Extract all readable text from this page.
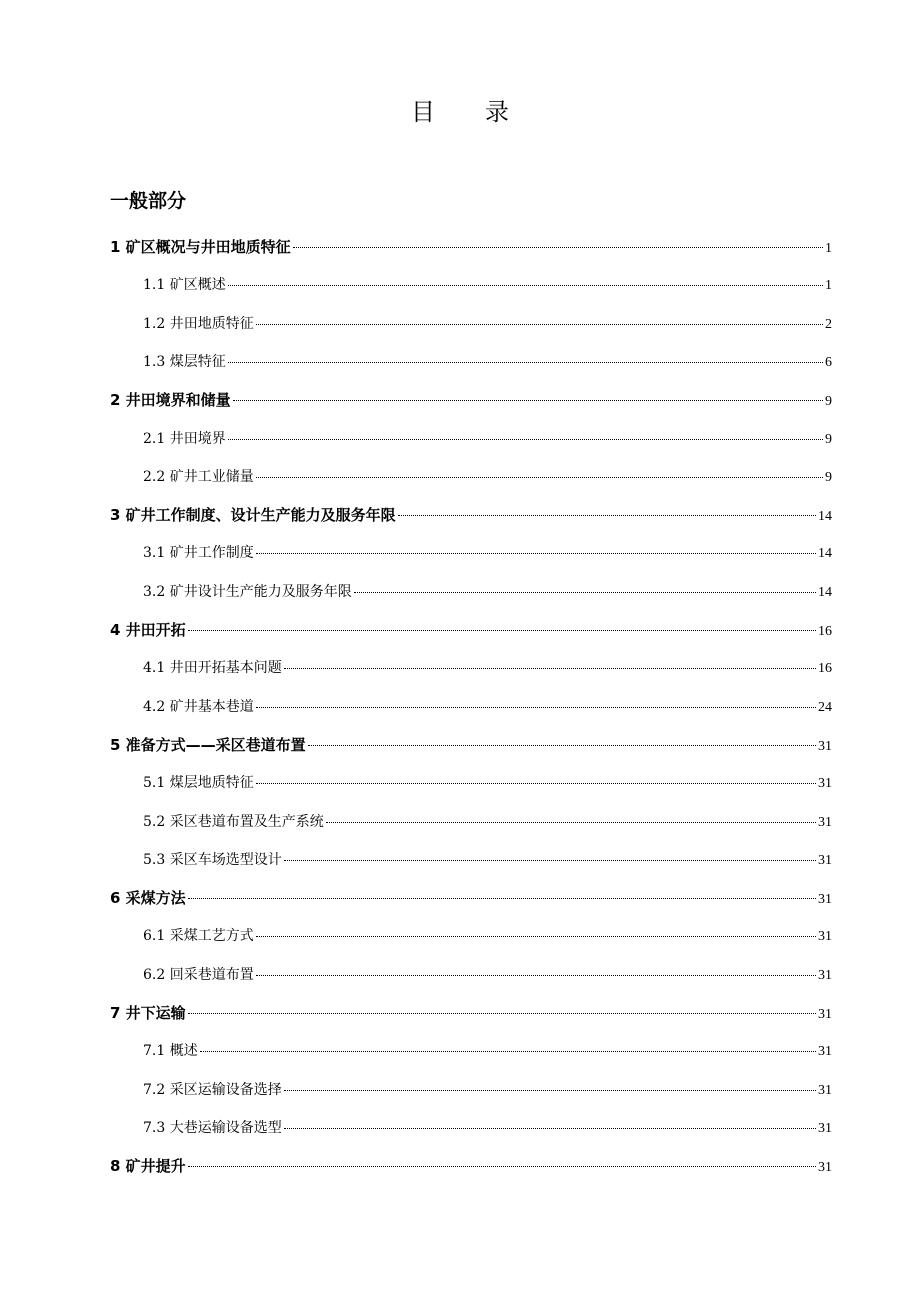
目 录
一般部分
1 矿区概况与井田地质特征	1
1.1 矿区概述	1
1.2 井田地质特征	2
1.3 煤层特征	6
2 井田境界和储量	9
2.1 井田境界	9
2.2 矿井工业储量	9
3 矿井工作制度、设计生产能力及服务年限	14
3.1 矿井工作制度	14
3.2 矿井设计生产能力及服务年限	14
4 井田开拓	16
4.1 井田开拓基本问题	16
4.2 矿井基本巷道	24
5 准备方式——采区巷道布置	31
5.1 煤层地质特征	31
5.2 采区巷道布置及生产系统	31
5.3 采区车场选型设计	31
6 采煤方法	31
6.1 采煤工艺方式	31
6.2 回采巷道布置	31
7 井下运输	31
7.1 概述	31
7.2 采区运输设备选择	31
7.3 大巷运输设备选型	31
8 矿井提升	31
